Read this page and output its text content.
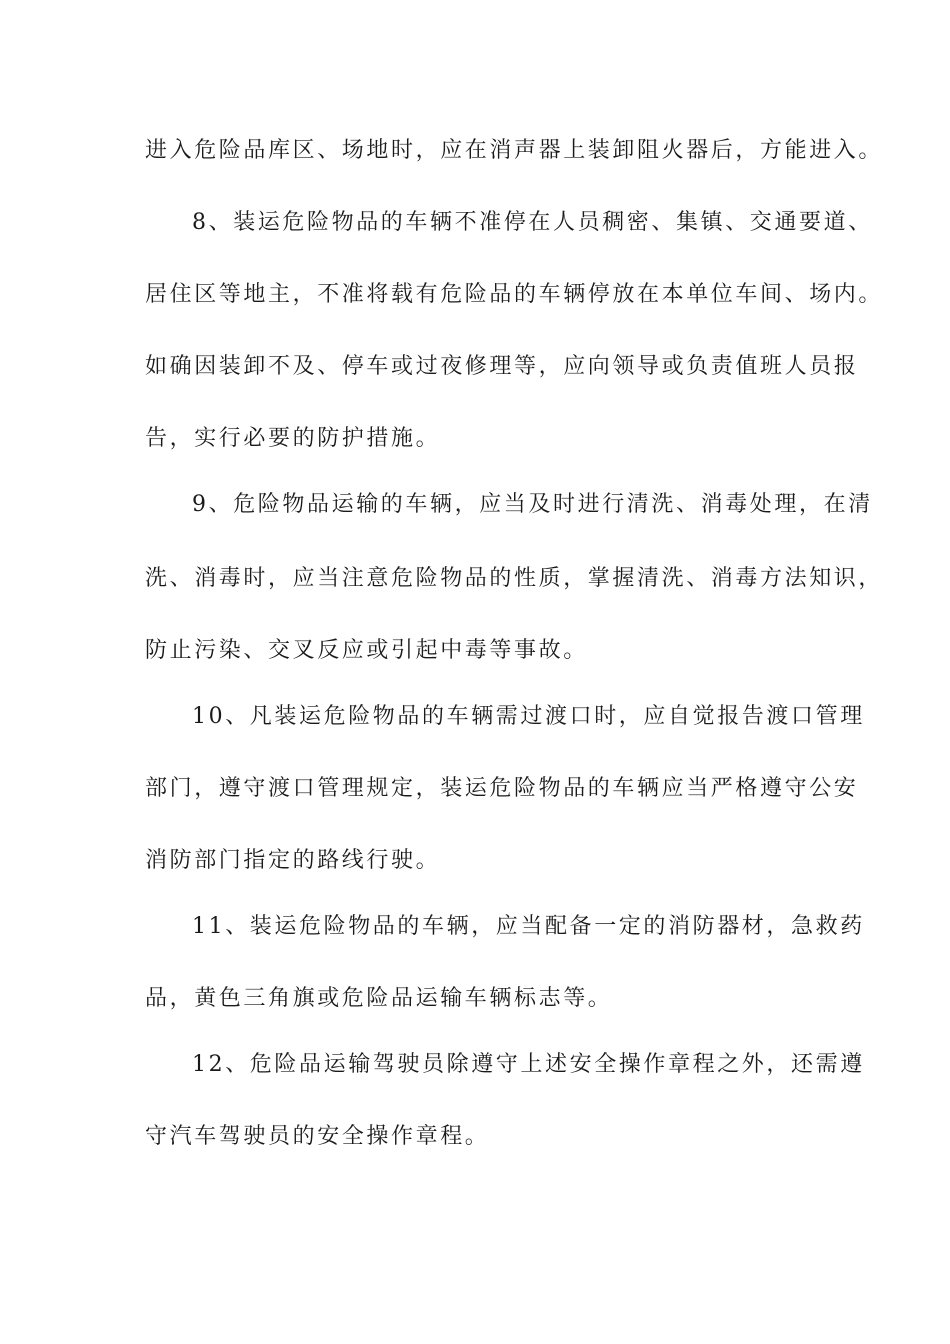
进入危险品库区、场地时，应在消声器上装卸阻火器后，方能进入。
8、装运危险物品的车辆不准停在人员稠密、集镇、交通要道、
居住区等地主，不准将载有危险品的车辆停放在本单位车间、场内。
如确因装卸不及、停车或过夜修理等，应向领导或负责值班人员报
告，实行必要的防护措施。
9、危险物品运输的车辆，应当及时进行清洗、消毒处理，在清
洗、消毒时，应当注意危险物品的性质，掌握清洗、消毒方法知识，
防止污染、交叉反应或引起中毒等事故。
10、凡装运危险物品的车辆需过渡口时，应自觉报告渡口管理
部门，遵守渡口管理规定，装运危险物品的车辆应当严格遵守公安
消防部门指定的路线行驶。
11、装运危险物品的车辆，应当配备一定的消防器材，急救药
品，黄色三角旗或危险品运输车辆标志等。
12、危险品运输驾驶员除遵守上述安全操作章程之外，还需遵
守汽车驾驶员的安全操作章程。
